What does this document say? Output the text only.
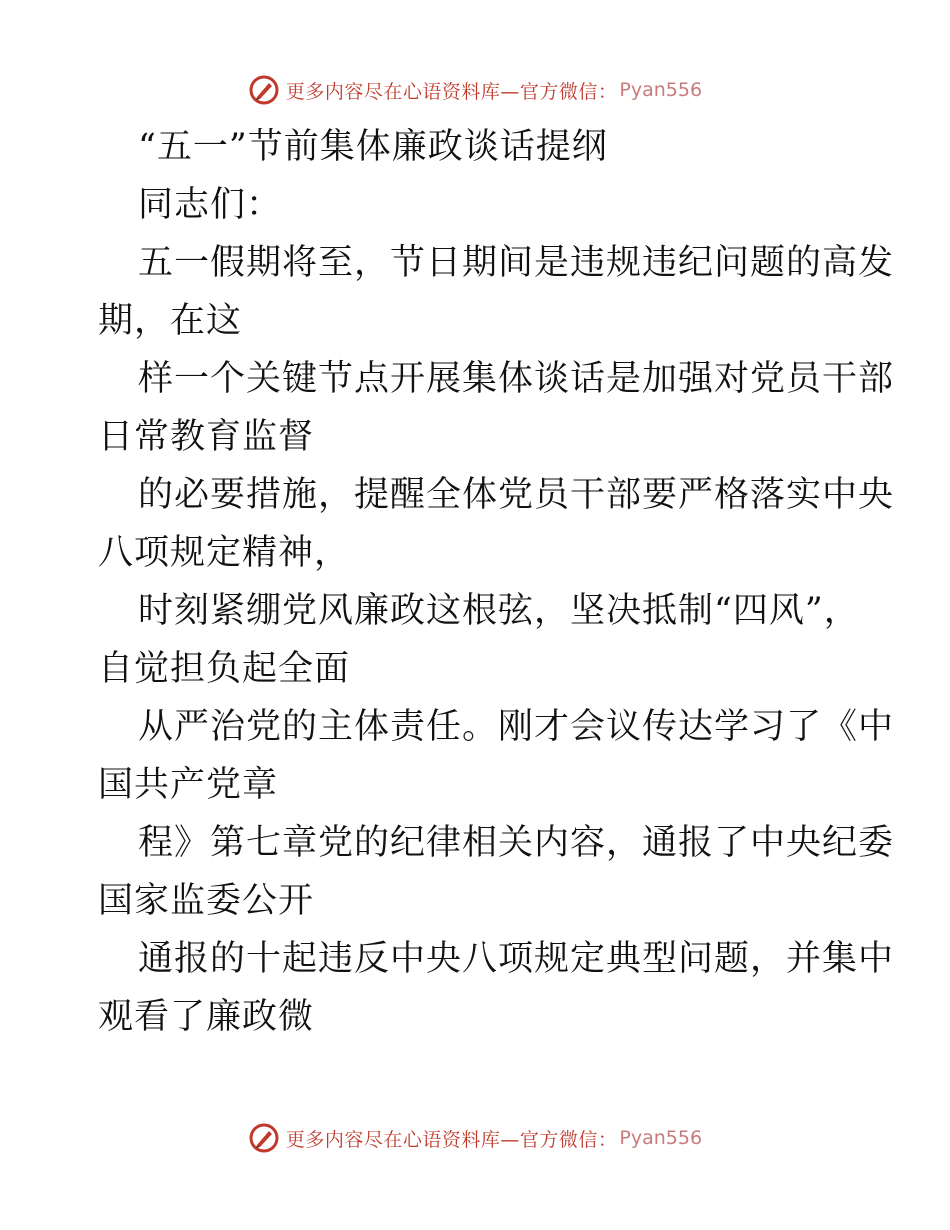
更多内容尽在心语资料库—官方微信： Pyan556
“五一”节前集体廉政谈话提纲

同志们：

五一假期将至，节日期间是违规违纪问题的高发

期，在这

样一个关键节点开展集体谈话是加强对党员干部

日常教育监督

的必要措施，提醒全体党员干部要严格落实中央

八项规定精神，

时刻紧绷党风廉政这根弦，坚决抵制“四风”，

自觉担负起全面

从严治党的主体责任。刚才会议传达学习了《中

国共产党章

程》第七章党的纪律相关内容，通报了中央纪委

国家监委公开

通报的十起违反中央八项规定典型问题，并集中

观看了廉政微

更多内容尽在心语资料库—官方微信： Pyan556
